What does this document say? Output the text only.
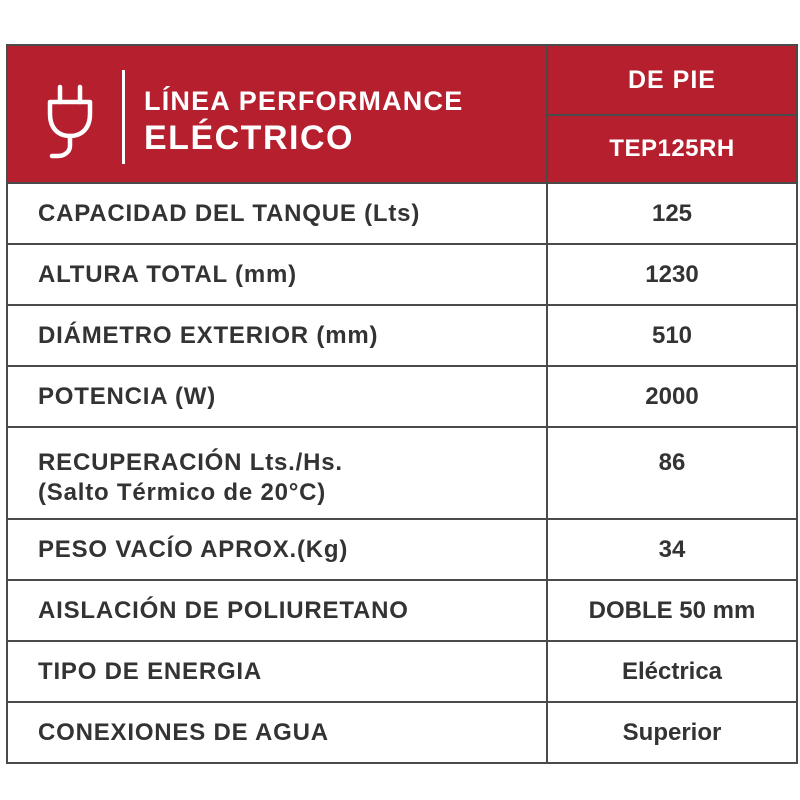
LÍNEA PERFORMANCE
ELÉCTRICO	DE PIE
	TEP125RH
CAPACIDAD DEL TANQUE (Lts)	125
ALTURA TOTAL (mm)	1230
DIÁMETRO EXTERIOR (mm)	510
POTENCIA (W)	2000

RECUPERACIÓN Lts./Hs.
(Salto Térmico de 20°C)	86
PESO VACÍO APROX.(Kg)	34
AISLACIÓN DE POLIURETANO	DOBLE 50 mm
TIPO DE ENERGIA	Eléctrica
CONEXIONES DE AGUA	Superior
